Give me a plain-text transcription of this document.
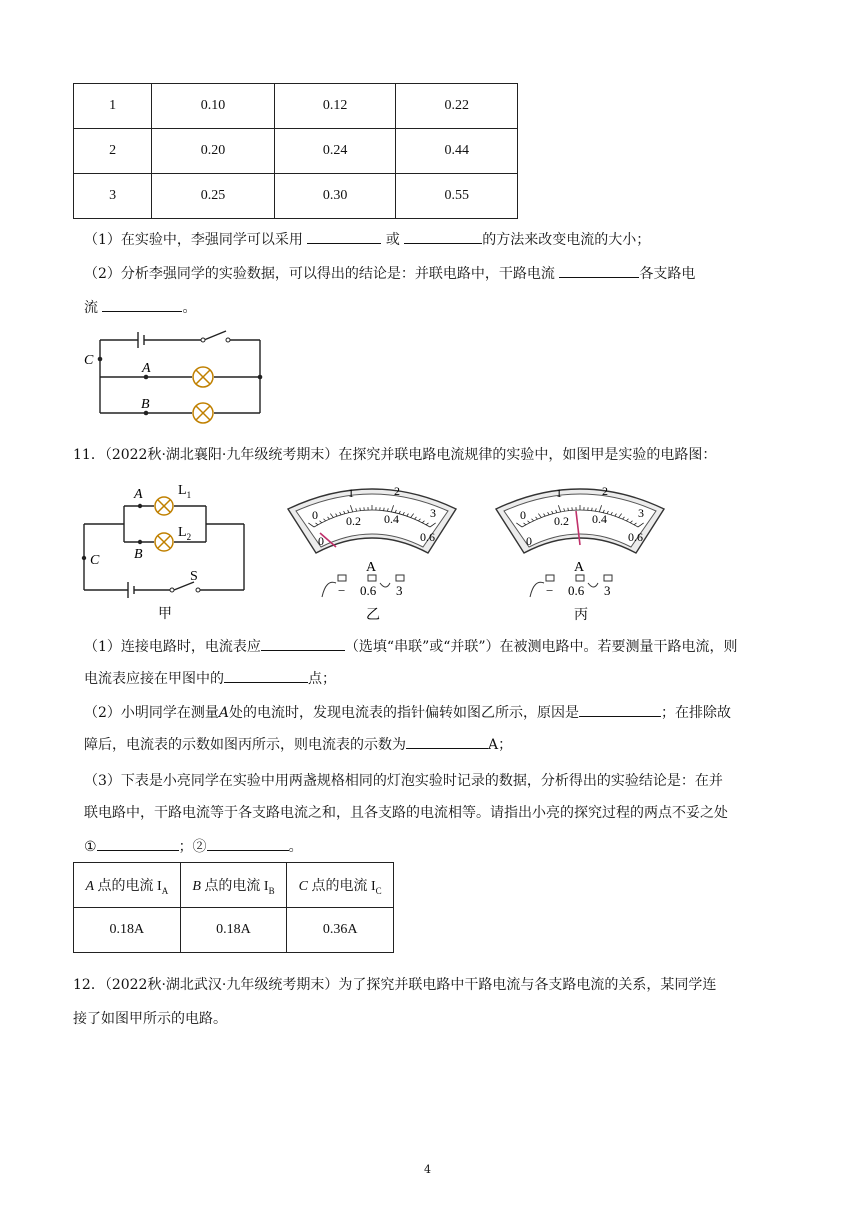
1	0.10	0.12	0.22
2	0.20	0.24	0.44
3	0.25	0.30	0.55
（1）在实验中，李强同学可以采用	或	的方法来改变电流的大小；
（2）分析李强同学的实验数据，可以得出的结论是：并联电路中，干路电流	各支路电
流	。
C
A
B
11．（2022秋·湖北襄阳·九年级统考期末）在探究并联电路电流规律的实验中，如图甲是实验的电路图：
A
B
C
$L_1$
$L_2$
S
甲
0
1	2
3
0
0.2 0.4
0.6
A
− 0.6 3
乙
0
1	2
3
0
0.2 0.4
0.6
A
− 0.6 3
丙
（1）连接电路时，电流表应	（选填“串联”或“并联”）在被测电路中。若要测量干路电流，则
电流表应接在甲图中的	点；
（2）小明同学在测量A处的电流时，发现电流表的指针偏转如图乙所示，原因是	；在排除故
障后，电流表的示数如图丙所示，则电流表的示数为	A；
（3）下表是小亮同学在实验中用两盏规格相同的灯泡实验时记录的数据，分析得出的实验结论是：在并
联电路中，干路电流等于各支路电流之和，且各支路的电流相等。请指出小亮的探究过程的两点不妥之处
①	；②	。
A 点的电流 $I_A$	B 点的电流 $I_B$	C 点的电流 $I_C$
0.18A	0.18A	0.36A
12．（2022秋·湖北武汉·九年级统考期末）为了探究并联电路中干路电流与各支路电流的关系，某同学连
接了如图甲所示的电路。
4
